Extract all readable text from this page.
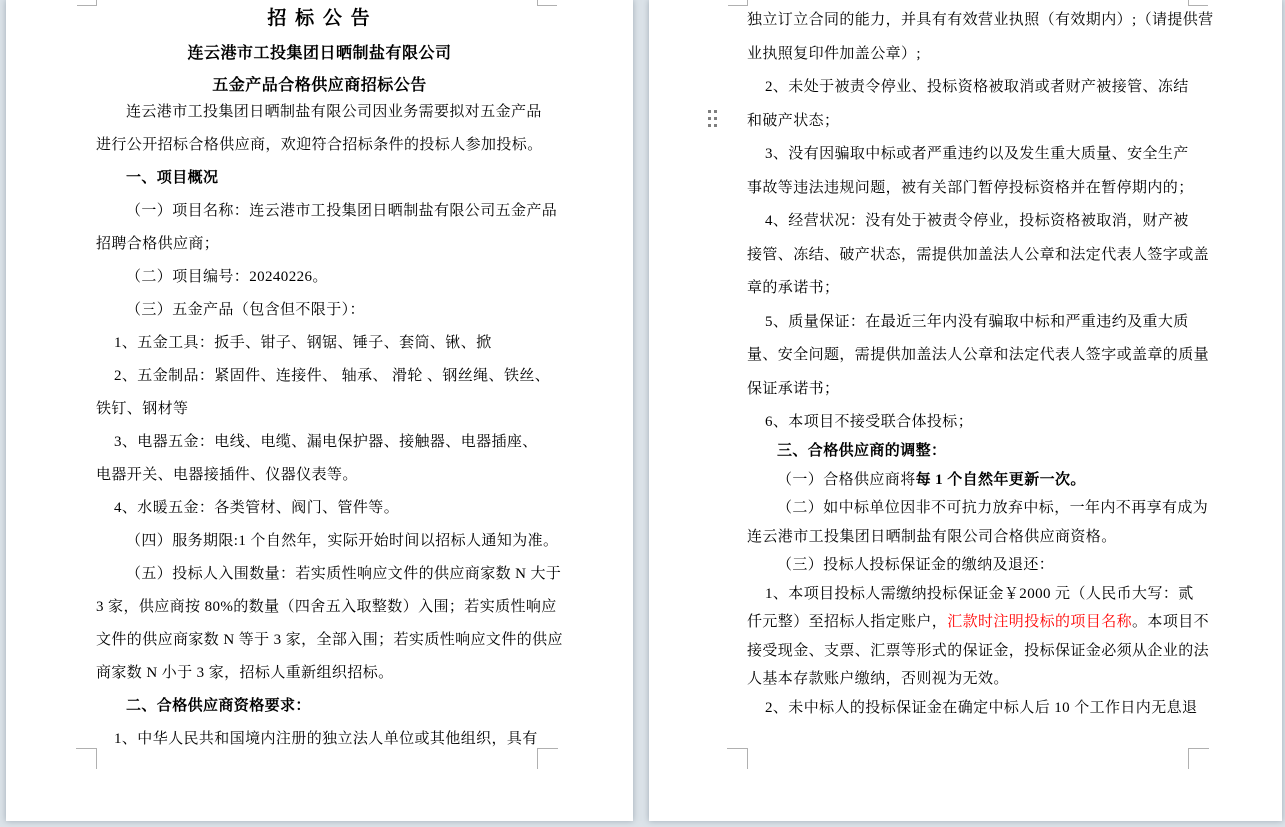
招 标 公 告
连云港市工投集团日晒制盐有限公司
五金产品合格供应商招标公告
连云港市工投集团日晒制盐有限公司因业务需要拟对五金产品
进行公开招标合格供应商，欢迎符合招标条件的投标人参加投标。
一、项目概况
（一）项目名称：连云港市工投集团日晒制盐有限公司五金产品
招聘合格供应商；
（二）项目编号：20240226。
（三）五金产品（包含但不限于）：
1、五金工具：扳手、钳子、钢锯、锤子、套筒、锹、掀
2、五金制品：紧固件、连接件、 轴承、 滑轮 、钢丝绳、铁丝、
铁钉、钢材等
3、电器五金：电线、电缆、漏电保护器、接触器、电器插座、
电器开关、电器接插件、仪器仪表等。
4、水暖五金：各类管材、阀门、管件等。
（四）服务期限:1 个自然年，实际开始时间以招标人通知为准。
（五）投标人入围数量：若实质性响应文件的供应商家数 N 大于
3 家，供应商按 80%的数量（四舍五入取整数）入围；若实质性响应
文件的供应商家数 N 等于 3 家，全部入围；若实质性响应文件的供应
商家数 N 小于 3 家，招标人重新组织招标。
二、合格供应商资格要求：
1、中华人民共和国境内注册的独立法人单位或其他组织，具有
独立订立合同的能力，并具有有效营业执照（有效期内）;（请提供营
业执照复印件加盖公章）;
2、未处于被责令停业、投标资格被取消或者财产被接管、冻结
和破产状态；
3、没有因骗取中标或者严重违约以及发生重大质量、安全生产
事故等违法违规问题，被有关部门暂停投标资格并在暂停期内的；
4、经营状况：没有处于被责令停业，投标资格被取消，财产被
接管、冻结、破产状态，需提供加盖法人公章和法定代表人签字或盖
章的承诺书；
5、质量保证：在最近三年内没有骗取中标和严重违约及重大质
量、安全问题，需提供加盖法人公章和法定代表人签字或盖章的质量
保证承诺书；
6、本项目不接受联合体投标；
三、合格供应商的调整：
（一）合格供应商将每 1 个自然年更新一次。
（二）如中标单位因非不可抗力放弃中标，一年内不再享有成为
连云港市工投集团日晒制盐有限公司合格供应商资格。
（三）投标人投标保证金的缴纳及退还：
1、本项目投标人需缴纳投标保证金￥2000 元（人民币大写：贰
仟元整）至招标人指定账户，汇款时注明投标的项目名称。本项目不
接受现金、支票、汇票等形式的保证金，投标保证金必须从企业的法
人基本存款账户缴纳，否则视为无效。
2、未中标人的投标保证金在确定中标人后 10 个工作日内无息退
